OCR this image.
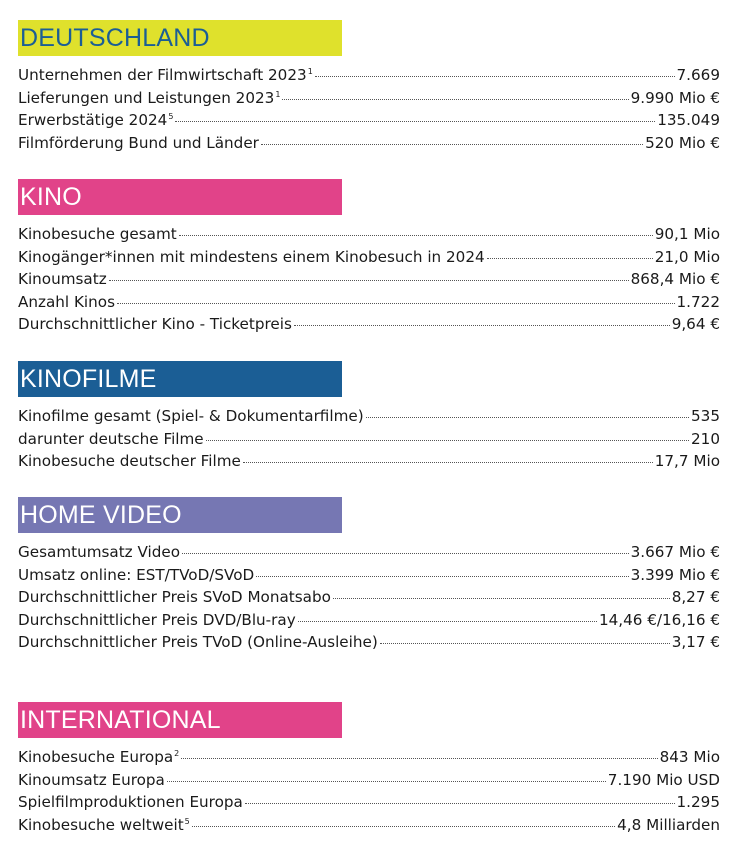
DEUTSCHLAND
Unternehmen der Filmwirtschaft 2023$^1$	7.669
Lieferungen und Leistungen 2023$^1$	9.990 Mio €
Erwerbstätige 2024$^5$	135.049
Filmförderung Bund und Länder	520 Mio €
KINO
Kinobesuche gesamt	90,1 Mio
Kinogänger*innen mit mindestens einem Kinobesuch in 2024	21,0 Mio
Kinoumsatz	868,4 Mio €
Anzahl Kinos	1.722
Durchschnittlicher Kino - Ticketpreis	9,64 €
KINOFILME
Kinofilme gesamt (Spiel- & Dokumentarfilme)	535
darunter deutsche Filme	210
Kinobesuche deutscher Filme	17,7 Mio
HOME VIDEO
Gesamtumsatz Video	3.667 Mio €
Umsatz online: EST/TVoD/SVoD	3.399 Mio €
Durchschnittlicher Preis SVoD Monatsabo	8,27 €
Durchschnittlicher Preis DVD/Blu-ray	14,46 €/16,16 €
Durchschnittlicher Preis TVoD (Online-Ausleihe)	3,17 €
INTERNATIONAL
Kinobesuche Europa$^2$	843 Mio
Kinoumsatz Europa	7.190 Mio USD
Spielfilmproduktionen Europa	1.295
Kinobesuche weltweit$^5$	4,8 Milliarden
